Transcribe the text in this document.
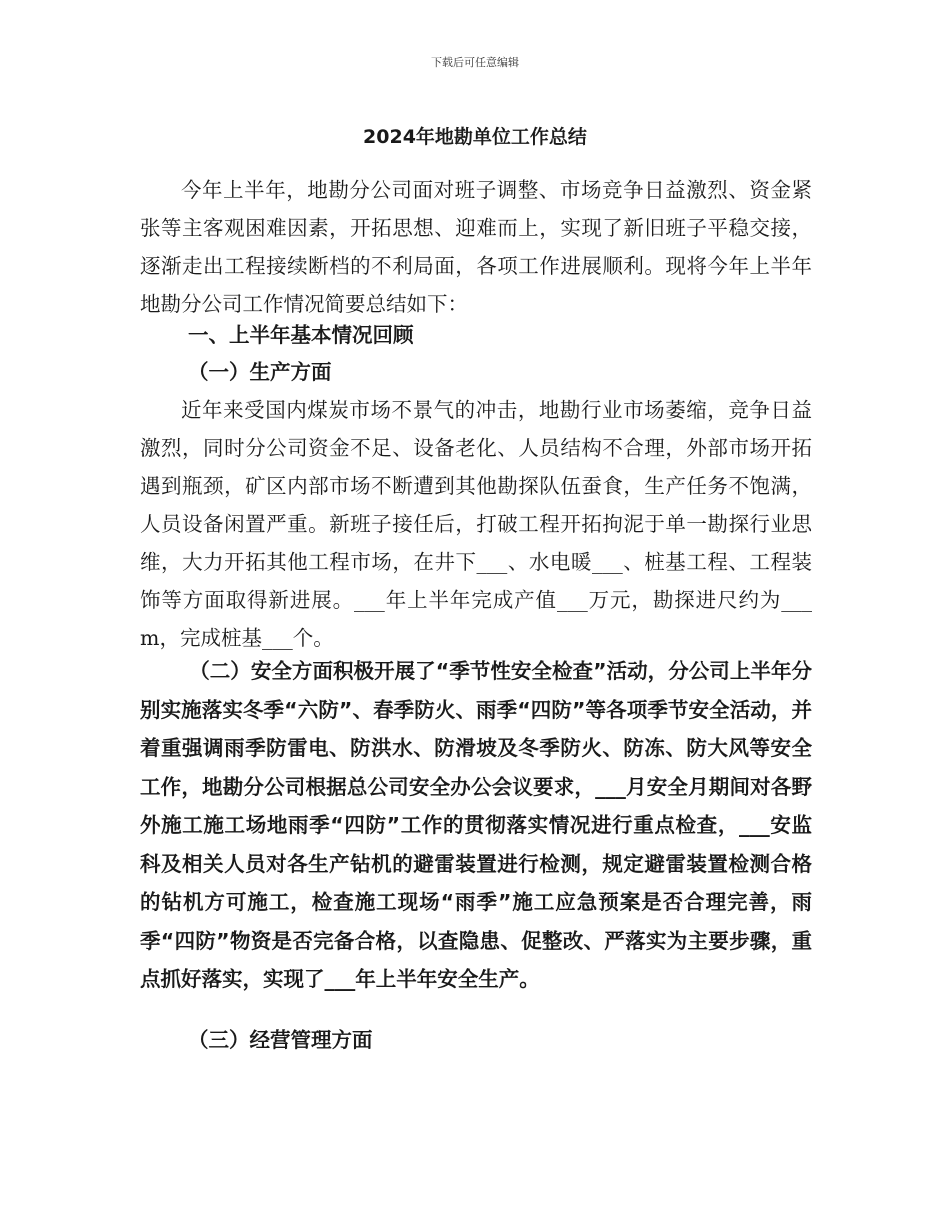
下载后可任意编辑
2024年地勘单位工作总结

今年上半年，地勘分公司面对班子调整、市场竞争日益激烈、资金紧张等主客观困难因素，开拓思想、迎难而上，实现了新旧班子平稳交接，逐渐走出工程接续断档的不利局面，各项工作进展顺利。现将今年上半年地勘分公司工作情况简要总结如下：

一、上半年基本情况回顾

（一）生产方面

近年来受国内煤炭市场不景气的冲击，地勘行业市场萎缩，竞争日益激烈，同时分公司资金不足、设备老化、人员结构不合理，外部市场开拓遇到瓶颈，矿区内部市场不断遭到其他勘探队伍蚕食，生产任务不饱满，人员设备闲置严重。新班子接任后，打破工程开拓拘泥于单一勘探行业思维，大力开拓其他工程市场，在井下___、水电暖___、桩基工程、工程装饰等方面取得新进展。___年上半年完成产值___万元，勘探进尺约为___m，完成桩基___个。

（二）安全方面积极开展了“季节性安全检查”活动，分公司上半年分别实施落实冬季“六防”、春季防火、雨季“四防”等各项季节安全活动，并着重强调雨季防雷电、防洪水、防滑坡及冬季防火、防冻、防大风等安全工作，地勘分公司根据总公司安全办公会议要求，___月安全月期间对各野外施工施工场地雨季“四防”工作的贯彻落实情况进行重点检查，___安监科及相关人员对各生产钻机的避雷装置进行检测，规定避雷装置检测合格的钻机方可施工，检查施工现场“雨季”施工应急预案是否合理完善，雨季“四防”物资是否完备合格，以查隐患、促整改、严落实为主要步骤，重点抓好落实，实现了___年上半年安全生产。

（三）经营管理方面
